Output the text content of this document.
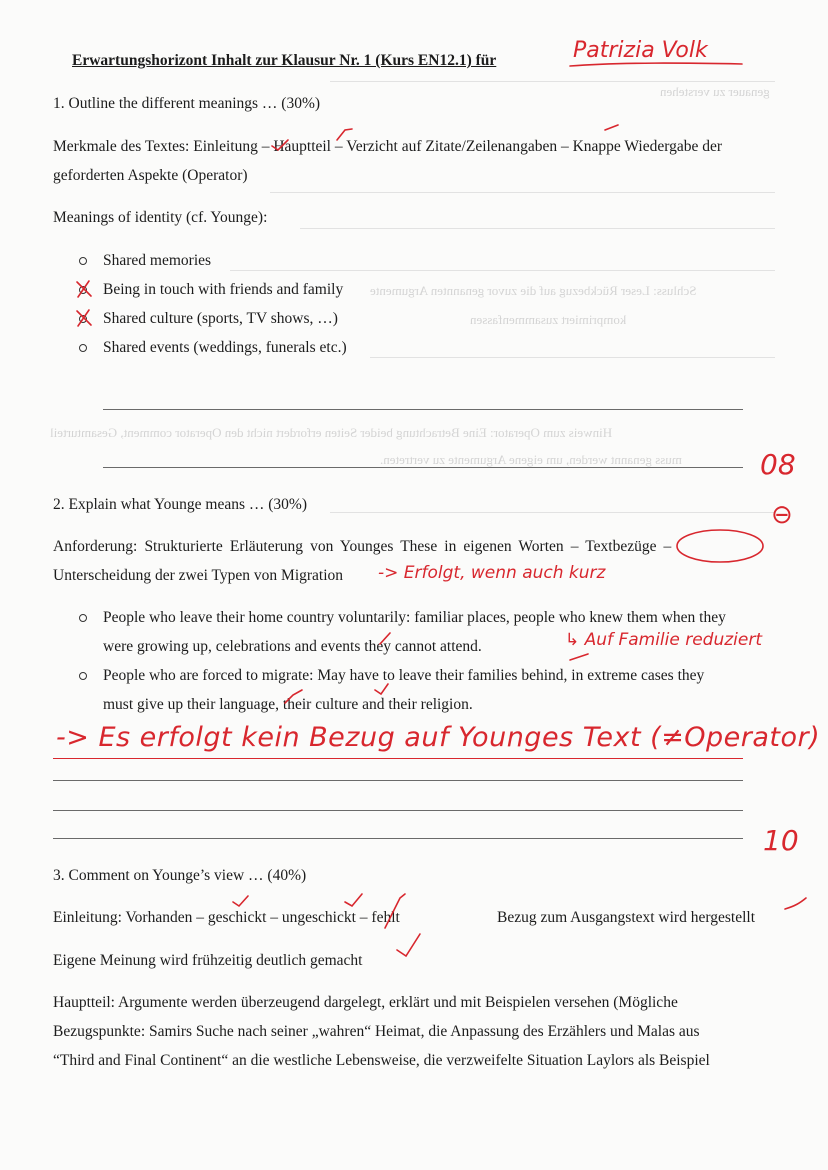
Schluss: Leser Rückbezug auf die zuvor genannten Argumente
komprimiert zusammenfassen
Hinweis zum Operator: Eine Betrachtung beider Seiten erfordert nicht den Operator comment, Gesamturteil
muss genannt werden, um eigene Argumente zu vertreten.
genauer zu verstehen
Erwartungshorizont Inhalt zur Klausur Nr. 1 (Kurs EN12.1) für	Patrizia Volk
1. Outline the different meanings … (30%)
Merkmale des Textes: Einleitung – Hauptteil – Verzicht auf Zitate/Zeilenangaben – Knappe Wiedergabe der
geforderten Aspekte (Operator)
Meanings of identity (cf. Younge):
Shared memories
Being in touch with friends and family
Shared culture (sports, TV shows, …)
Shared events (weddings, funerals etc.)
08
2. Explain what Younge means … (30%)	⊖
Anforderung: Strukturierte Erläuterung von Younges These in eigenen Worten – Textbezüge –
Unterscheidung der zwei Typen von Migration -> Erfolgt, wenn auch kurz
People who leave their home country voluntarily: familiar places, people who knew them when they
were growing up, celebrations and events they cannot attend.	↳ Auf Familie reduziert
People who are forced to migrate: May have to leave their families behind, in extreme cases they
must give up their language, their culture and their religion.
-> Es erfolgt kein Bezug auf Younges Text (≠Operator)
10
3. Comment on Younge’s view … (40%)
Einleitung: Vorhanden – geschickt – ungeschickt – fehlt	Bezug zum Ausgangstext wird hergestellt
Eigene Meinung wird frühzeitig deutlich gemacht
Hauptteil: Argumente werden überzeugend dargelegt, erklärt und mit Beispielen versehen (Mögliche
Bezugspunkte: Samirs Suche nach seiner „wahren“ Heimat, die Anpassung des Erzählers und Malas aus
“Third and Final Continent“ an die westliche Lebensweise, die verzweifelte Situation Laylors als Beispiel
